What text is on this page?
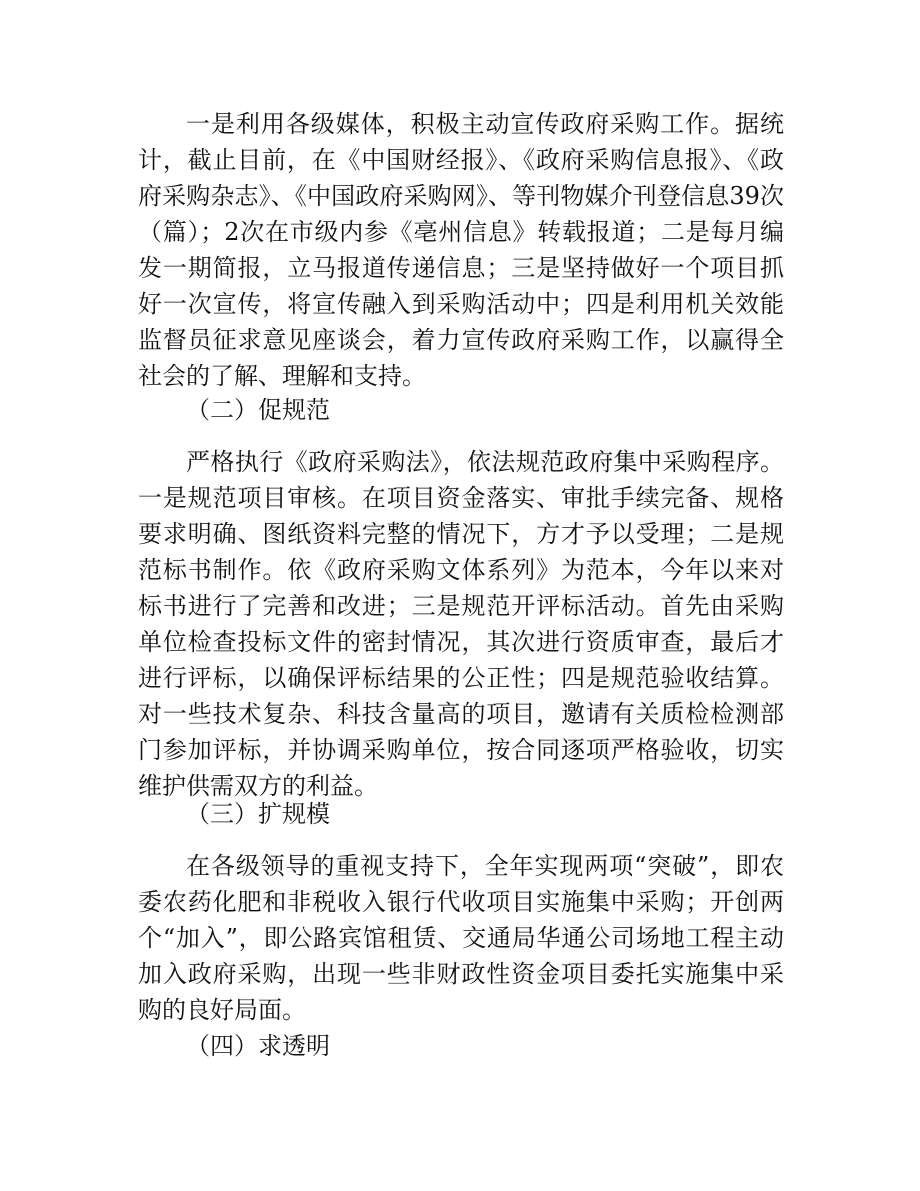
一是利用各级媒体，积极主动宣传政府采购工作。据统计，截止目前，在《中国财经报》、《政府采购信息报》、《政府采购杂志》、《中国政府采购网》、等刊物媒介刊登信息39次（篇）；2次在市级内参《亳州信息》转载报道；二是每月编发一期简报，立马报道传递信息；三是坚持做好一个项目抓好一次宣传，将宣传融入到采购活动中；四是利用机关效能监督员征求意见座谈会，着力宣传政府采购工作，以赢得全社会的了解、理解和支持。

（二）促规范

严格执行《政府采购法》，依法规范政府集中采购程序。一是规范项目审核。在项目资金落实、审批手续完备、规格要求明确、图纸资料完整的情况下，方才予以受理；二是规范标书制作。依《政府采购文体系列》为范本，今年以来对标书进行了完善和改进；三是规范开评标活动。首先由采购单位检查投标文件的密封情况，其次进行资质审查，最后才进行评标，以确保评标结果的公正性；四是规范验收结算。对一些技术复杂、科技含量高的项目，邀请有关质检检测部门参加评标，并协调采购单位，按合同逐项严格验收，切实维护供需双方的利益。

（三）扩规模

在各级领导的重视支持下，全年实现两项“突破”，即农委农药化肥和非税收入银行代收项目实施集中采购；开创两个“加入”，即公路宾馆租赁、交通局华通公司场地工程主动加入政府采购，出现一些非财政性资金项目委托实施集中采购的良好局面。

（四）求透明
